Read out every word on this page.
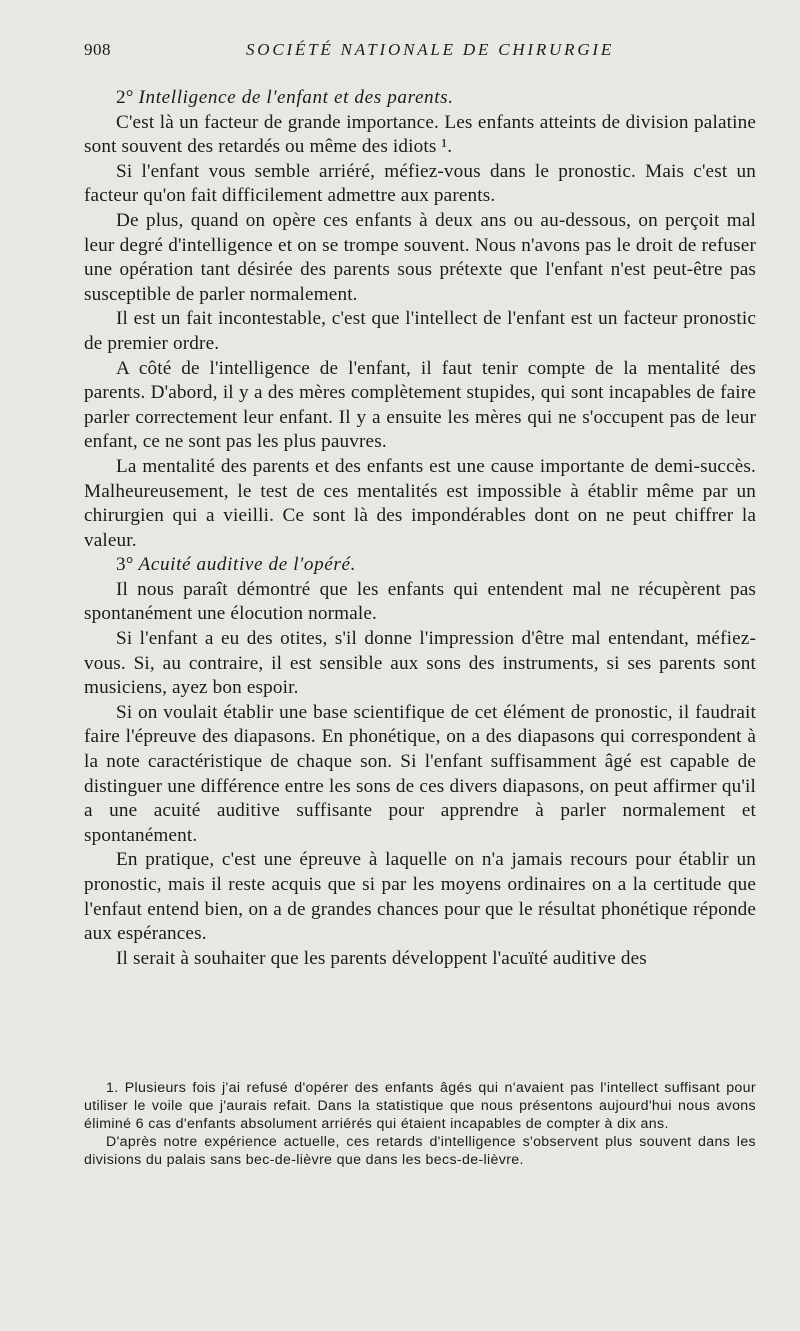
908	SOCIÉTÉ NATIONALE DE CHIRURGIE

2° Intelligence de l'enfant et des parents.

C'est là un facteur de grande importance. Les enfants atteints de division palatine sont souvent des retardés ou même des idiots ¹.

Si l'enfant vous semble arriéré, méfiez-vous dans le pronostic. Mais c'est un facteur qu'on fait difficilement admettre aux parents.

De plus, quand on opère ces enfants à deux ans ou au-dessous, on perçoit mal leur degré d'intelligence et on se trompe souvent. Nous n'avons pas le droit de refuser une opération tant désirée des parents sous prétexte que l'enfant n'est peut-être pas susceptible de parler normalement.

Il est un fait incontestable, c'est que l'intellect de l'enfant est un facteur pronostic de premier ordre.

A côté de l'intelligence de l'enfant, il faut tenir compte de la mentalité des parents. D'abord, il y a des mères complètement stupides, qui sont incapables de faire parler correctement leur enfant. Il y a ensuite les mères qui ne s'occupent pas de leur enfant, ce ne sont pas les plus pauvres.

La mentalité des parents et des enfants est une cause importante de demi-succès. Malheureusement, le test de ces mentalités est impossible à établir même par un chirurgien qui a vieilli. Ce sont là des impondérables dont on ne peut chiffrer la valeur.

3° Acuité auditive de l'opéré.

Il nous paraît démontré que les enfants qui entendent mal ne récupèrent pas spontanément une élocution normale.

Si l'enfant a eu des otites, s'il donne l'impression d'être mal entendant, méfiez-vous. Si, au contraire, il est sensible aux sons des instruments, si ses parents sont musiciens, ayez bon espoir.

Si on voulait établir une base scientifique de cet élément de pronostic, il faudrait faire l'épreuve des diapasons. En phonétique, on a des diapasons qui correspondent à la note caractéristique de chaque son. Si l'enfant suffisamment âgé est capable de distinguer une différence entre les sons de ces divers diapasons, on peut affirmer qu'il a une acuité auditive suffisante pour apprendre à parler normalement et spontanément.

En pratique, c'est une épreuve à laquelle on n'a jamais recours pour établir un pronostic, mais il reste acquis que si par les moyens ordinaires on a la certitude que l'enfaut entend bien, on a de grandes chances pour que le résultat phonétique réponde aux espérances.

Il serait à souhaiter que les parents développent l'acuïté auditive des

1. Plusieurs fois j'ai refusé d'opérer des enfants âgés qui n'avaient pas l'intellect suffisant pour utiliser le voile que j'aurais refait. Dans la statistique que nous présentons aujourd'hui nous avons éliminé 6 cas d'enfants absolument arriérés qui étaient incapables de compter à dix ans.

D'après notre expérience actuelle, ces retards d'intelligence s'observent plus souvent dans les divisions du palais sans bec-de-lièvre que dans les becs-de-lièvre.
